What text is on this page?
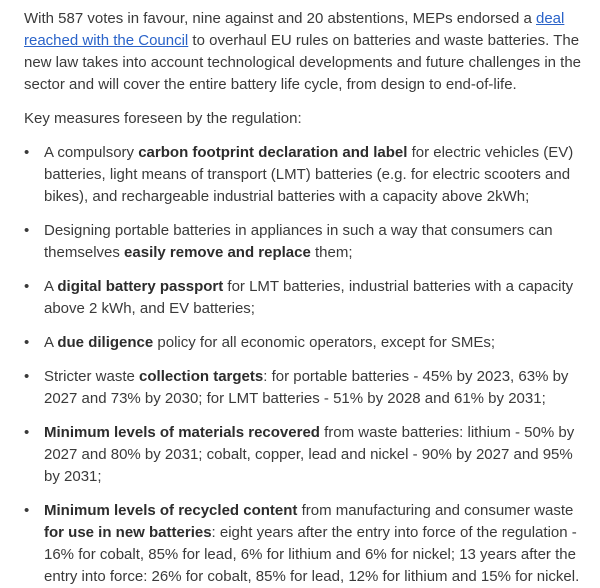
With 587 votes in favour, nine against and 20 abstentions, MEPs endorsed a deal reached with the Council to overhaul EU rules on batteries and waste batteries. The new law takes into account technological developments and future challenges in the sector and will cover the entire battery life cycle, from design to end-of-life.

Key measures foreseen by the regulation:

• A compulsory carbon footprint declaration and label for electric vehicles (EV) batteries, light means of transport (LMT) batteries (e.g. for electric scooters and bikes), and rechargeable industrial batteries with a capacity above 2kWh;
• Designing portable batteries in appliances in such a way that consumers can themselves easily remove and replace them;
• A digital battery passport for LMT batteries, industrial batteries with a capacity above 2 kWh, and EV batteries;
• A due diligence policy for all economic operators, except for SMEs;
• Stricter waste collection targets: for portable batteries - 45% by 2023, 63% by 2027 and 73% by 2030; for LMT batteries - 51% by 2028 and 61% by 2031;
• Minimum levels of materials recovered from waste batteries: lithium - 50% by 2027 and 80% by 2031; cobalt, copper, lead and nickel - 90% by 2027 and 95% by 2031;
• Minimum levels of recycled content from manufacturing and consumer waste for use in new batteries: eight years after the entry into force of the regulation - 16% for cobalt, 85% for lead, 6% for lithium and 6% for nickel; 13 years after the entry into force: 26% for cobalt, 85% for lead, 12% for lithium and 15% for nickel.
